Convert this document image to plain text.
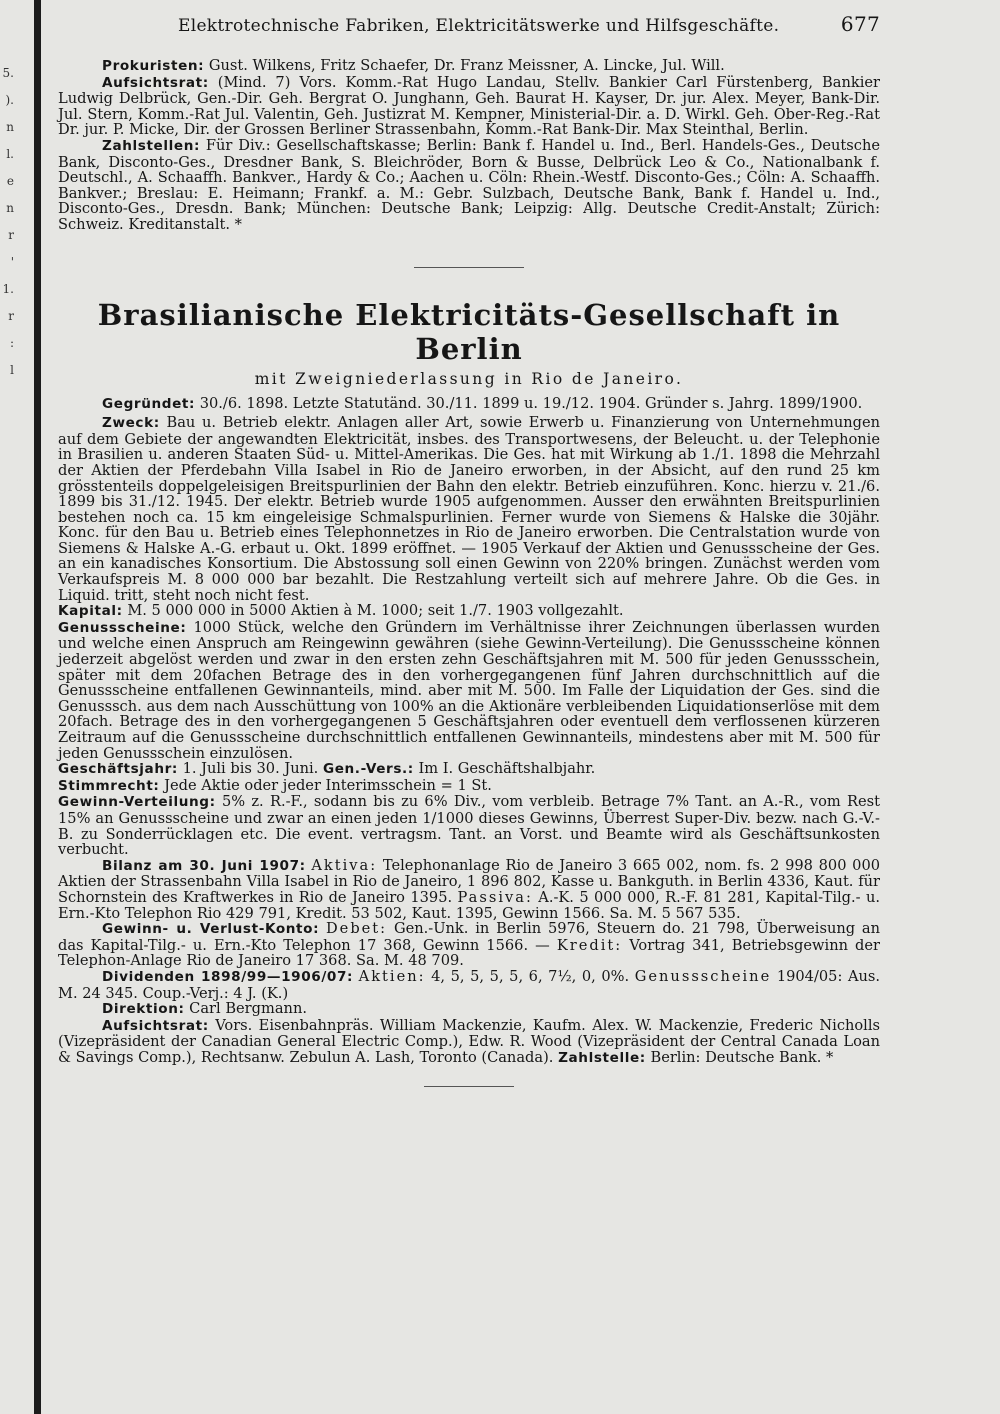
5.
).
n
l.
e
n
r
'
1.
r
:
l
Elektrotechnische Fabriken, Elektricitätswerke und Hilfsgeschäfte.	677

Prokuristen: Gust. Wilkens, Fritz Schaefer, Dr. Franz Meissner, A. Lincke, Jul. Will.

Aufsichtsrat: (Mind. 7) Vors. Komm.-Rat Hugo Landau, Stellv. Bankier Carl Fürstenberg, Bankier Ludwig Delbrück, Gen.-Dir. Geh. Bergrat O. Junghann, Geh. Baurat H. Kayser, Dr. jur. Alex. Meyer, Bank-Dir. Jul. Stern, Komm.-Rat Jul. Valentin, Geh. Justizrat M. Kempner, Ministerial-Dir. a. D. Wirkl. Geh. Ober-Reg.-Rat Dr. jur. P. Micke, Dir. der Grossen Berliner Strassenbahn, Komm.-Rat Bank-Dir. Max Steinthal, Berlin.

Zahlstellen: Für Div.: Gesellschaftskasse; Berlin: Bank f. Handel u. Ind., Berl. Handels-Ges., Deutsche Bank, Disconto-Ges., Dresdner Bank, S. Bleichröder, Born & Busse, Delbrück Leo & Co., Nationalbank f. Deutschl., A. Schaaffh. Bankver., Hardy & Co.; Aachen u. Cöln: Rhein.-Westf. Disconto-Ges.; Cöln: A. Schaaffh. Bankver.; Breslau: E. Heimann; Frankf. a. M.: Gebr. Sulzbach, Deutsche Bank, Bank f. Handel u. Ind., Disconto-Ges., Dresdn. Bank; München: Deutsche Bank; Leipzig: Allg. Deutsche Credit-Anstalt; Zürich: Schweiz. Kreditanstalt. *

Brasilianische Elektricitäts-Gesellschaft in Berlin
mit Zweigniederlassung in Rio de Janeiro.

Gegründet: 30./6. 1898. Letzte Statutänd. 30./11. 1899 u. 19./12. 1904. Gründer s. Jahrg. 1899/1900.

Zweck: Bau u. Betrieb elektr. Anlagen aller Art, sowie Erwerb u. Finanzierung von Unternehmungen auf dem Gebiete der angewandten Elektricität, insbes. des Transportwesens, der Beleucht. u. der Telephonie in Brasilien u. anderen Staaten Süd- u. Mittel-Amerikas. Die Ges. hat mit Wirkung ab 1./1. 1898 die Mehrzahl der Aktien der Pferdebahn Villa Isabel in Rio de Janeiro erworben, in der Absicht, auf den rund 25 km grösstenteils doppelgeleisigen Breitspurlinien der Bahn den elektr. Betrieb einzuführen. Konc. hierzu v. 21./6. 1899 bis 31./12. 1945. Der elektr. Betrieb wurde 1905 aufgenommen. Ausser den erwähnten Breitspurlinien bestehen noch ca. 15 km eingeleisige Schmalspurlinien. Ferner wurde von Siemens & Halske die 30jähr. Konc. für den Bau u. Betrieb eines Telephonnetzes in Rio de Janeiro erworben. Die Centralstation wurde von Siemens & Halske A.-G. erbaut u. Okt. 1899 eröffnet. — 1905 Verkauf der Aktien und Genussscheine der Ges. an ein kanadisches Konsortium. Die Abstossung soll einen Gewinn von 220% bringen. Zunächst werden vom Verkaufspreis M. 8 000 000 bar bezahlt. Die Restzahlung verteilt sich auf mehrere Jahre. Ob die Ges. in Liquid. tritt, steht noch nicht fest.

Kapital: M. 5 000 000 in 5000 Aktien à M. 1000; seit 1./7. 1903 vollgezahlt.

Genussscheine: 1000 Stück, welche den Gründern im Verhältnisse ihrer Zeichnungen überlassen wurden und welche einen Anspruch am Reingewinn gewähren (siehe Gewinn-Verteilung). Die Genussscheine können jederzeit abgelöst werden und zwar in den ersten zehn Geschäftsjahren mit M. 500 für jeden Genussschein, später mit dem 20fachen Betrage des in den vorhergegangenen fünf Jahren durchschnittlich auf die Genussscheine entfallenen Gewinnanteils, mind. aber mit M. 500. Im Falle der Liquidation der Ges. sind die Genusssch. aus dem nach Ausschüttung von 100% an die Aktionäre verbleibenden Liquidationserlöse mit dem 20fach. Betrage des in den vorhergegangenen 5 Geschäftsjahren oder eventuell dem verflossenen kürzeren Zeitraum auf die Genussscheine durchschnittlich entfallenen Gewinnanteils, mindestens aber mit M. 500 für jeden Genussschein einzulösen.

Geschäftsjahr: 1. Juli bis 30. Juni. Gen.-Vers.: Im I. Geschäftshalbjahr.

Stimmrecht: Jede Aktie oder jeder Interimsschein = 1 St.

Gewinn-Verteilung: 5% z. R.-F., sodann bis zu 6% Div., vom verbleib. Betrage 7% Tant. an A.-R., vom Rest 15% an Genussscheine und zwar an einen jeden 1/1000 dieses Gewinns, Überrest Super-Div. bezw. nach G.-V.-B. zu Sonderrücklagen etc. Die event. vertragsm. Tant. an Vorst. und Beamte wird als Geschäftsunkosten verbucht.

Bilanz am 30. Juni 1907: Aktiva: Telephonanlage Rio de Janeiro 3 665 002, nom. fs. 2 998 800 000 Aktien der Strassenbahn Villa Isabel in Rio de Janeiro, 1 896 802, Kasse u. Bankguth. in Berlin 4336, Kaut. für Schornstein des Kraftwerkes in Rio de Janeiro 1395. Passiva: A.-K. 5 000 000, R.-F. 81 281, Kapital-Tilg.- u. Ern.-Kto Telephon Rio 429 791, Kredit. 53 502, Kaut. 1395, Gewinn 1566. Sa. M. 5 567 535.

Gewinn- u. Verlust-Konto: Debet: Gen.-Unk. in Berlin 5976, Steuern do. 21 798, Überweisung an das Kapital-Tilg.- u. Ern.-Kto Telephon 17 368, Gewinn 1566. — Kredit: Vortrag 341, Betriebsgewinn der Telephon-Anlage Rio de Janeiro 17 368. Sa. M. 48 709.

Dividenden 1898/99—1906/07: Aktien: 4, 5, 5, 5, 5, 6, 7½, 0, 0%. Genussscheine 1904/05: Aus. M. 24 345. Coup.-Verj.: 4 J. (K.)

Direktion: Carl Bergmann.

Aufsichtsrat: Vors. Eisenbahnpräs. William Mackenzie, Kaufm. Alex. W. Mackenzie, Frederic Nicholls (Vizepräsident der Canadian General Electric Comp.), Edw. R. Wood (Vizepräsident der Central Canada Loan & Savings Comp.), Rechtsanw. Zebulun A. Lash, Toronto (Canada). Zahlstelle: Berlin: Deutsche Bank. *
